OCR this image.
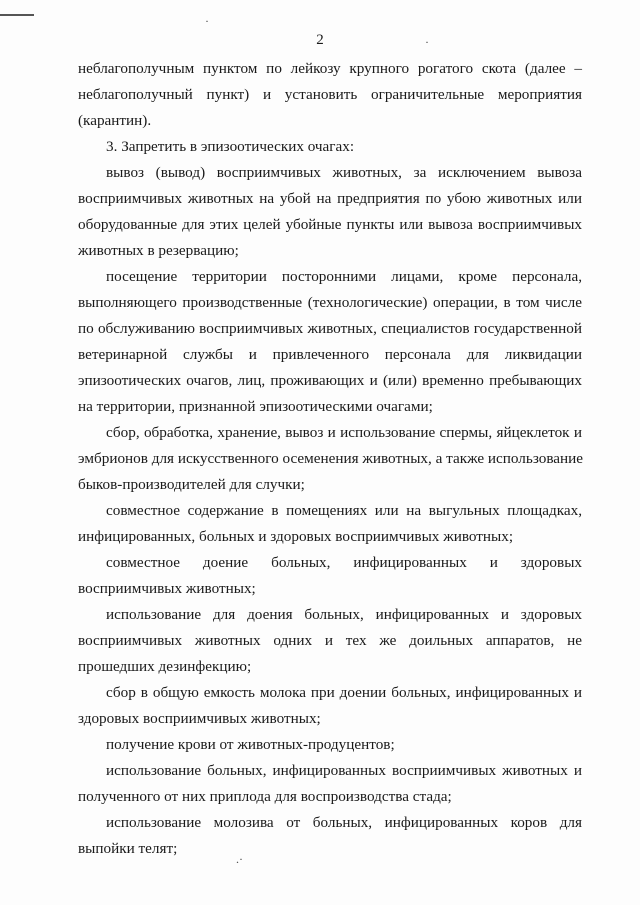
2
неблагополучным пунктом по лейкозу крупного рогатого скота (далее –
неблагополучный пункт) и установить ограничительные мероприятия
(карантин).
3. Запретить в эпизоотических очагах:
вывоз (вывод) восприимчивых животных, за исключением вывоза
восприимчивых животных на убой на предприятия по убою животных или
оборудованные для этих целей убойные пункты или вывоза восприимчивых
животных в резервацию;
посещение территории посторонними лицами, кроме персонала,
выполняющего производственные (технологические) операции, в том числе
по обслуживанию восприимчивых животных, специалистов государственной
ветеринарной службы и привлеченного персонала для ликвидации
эпизоотических очагов, лиц, проживающих и (или) временно пребывающих
на территории, признанной эпизоотическими очагами;
сбор, обработка, хранение, вывоз и использование спермы, яйцеклеток и
эмбрионов для искусственного осеменения животных, а также использование
быков-производителей для случки;
совместное содержание в помещениях или на выгульных площадках,
инфицированных, больных и здоровых восприимчивых животных;
совместное доение больных, инфицированных и здоровых
восприимчивых животных;
использование для доения больных, инфицированных и здоровых
восприимчивых животных одних и тех же доильных аппаратов, не
прошедших дезинфекцию;
сбор в общую емкость молока при доении больных, инфицированных и
здоровых восприимчивых животных;
получение крови от животных-продуцентов;
использование больных, инфицированных восприимчивых животных и
полученного от них приплода для воспроизводства стада;
использование молозива от больных, инфицированных коров для
выпойки телят;
·
·
.·
